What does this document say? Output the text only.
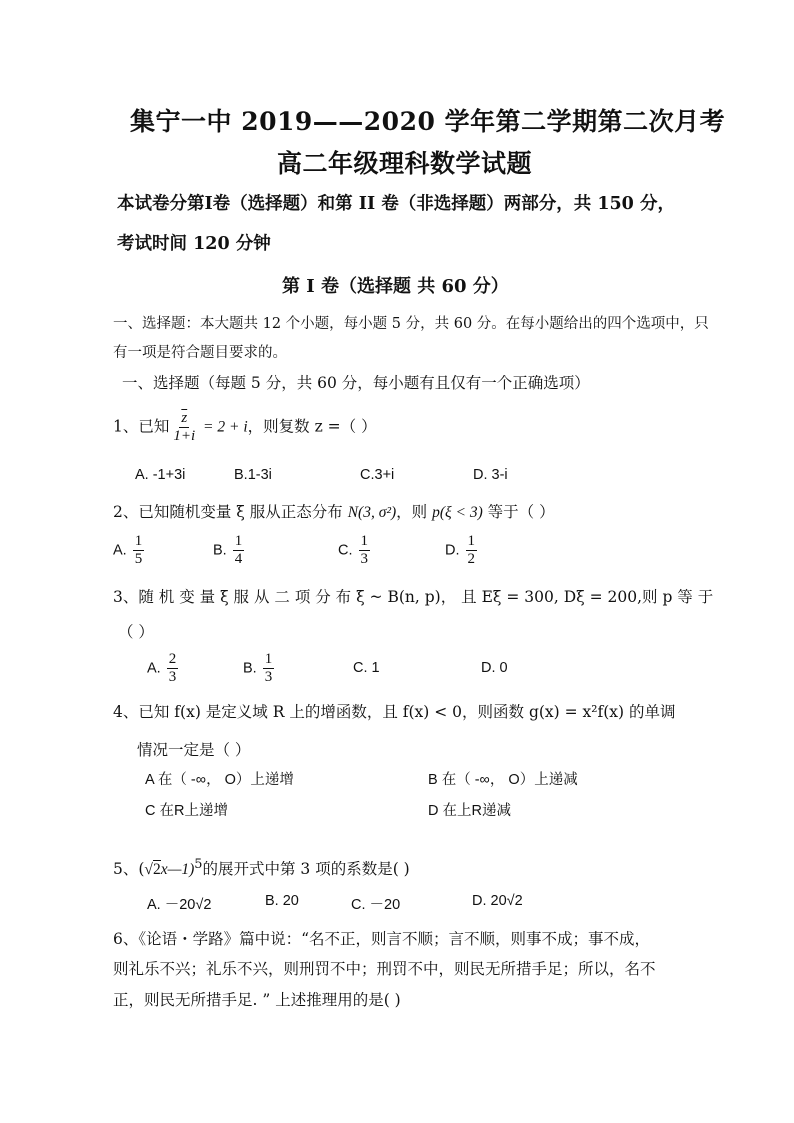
集宁一中 2019——2020 学年第二学期第二次月考
高二年级理科数学试题
本试卷分第Ⅰ卷（选择题）和第 II 卷（非选择题）两部分，共 150 分，
考试时间 120 分钟
第 Ⅰ 卷（选择题 共 60 分）
一、选择题：本大题共 12 个小题，每小题 5 分，共 60 分。在每小题给出的四个选项中，只
有一项是符合题目要求的。
一、选择题（每题 5 分，共 60 分，每小题有且仅有一个正确选项）
1、已知 $\frac{\overline{z}}{1+i} = 2 + i$，则复数 z =（ ）
A. -1+3i	B.1-3i	C.3+i	D. 3-i
2、已知随机变量 ξ 服从正态分布 N(3, σ²)，则 p(ξ < 3) 等于（ ）
A. $\frac{1}{5}$	B. $\frac{1}{4}$	C. $\frac{1}{3}$	D. $\frac{1}{2}$
3、随 机 变 量 ξ 服 从 二 项 分 布 ξ ~ B(n, p)， 且 Eξ = 300, Dξ = 200,则 p 等 于
（ ）
A. $\frac{2}{3}$	B. $\frac{1}{3}$	C. 1	D. 0
4、已知 f(x) 是定义域 R 上的增函数，且 f(x) < 0，则函数 g(x) = x²f(x) 的单调
情况一定是（ ）
A 在（ -∞， O）上递增	B 在（ -∞， O）上递减
C 在R上递增	D 在上R递减
5、(√2x—1)$^5$的展开式中第 3 项的系数是( )
A. －20√2	B. 20	C. －20	D. 20√2
6、《论语・学路》篇中说：“名不正，则言不顺；言不顺，则事不成；事不成，
则礼乐不兴；礼乐不兴，则刑罚不中；刑罚不中，则民无所措手足；所以，名不
正，则民无所措手足. ” 上述推理用的是( )
